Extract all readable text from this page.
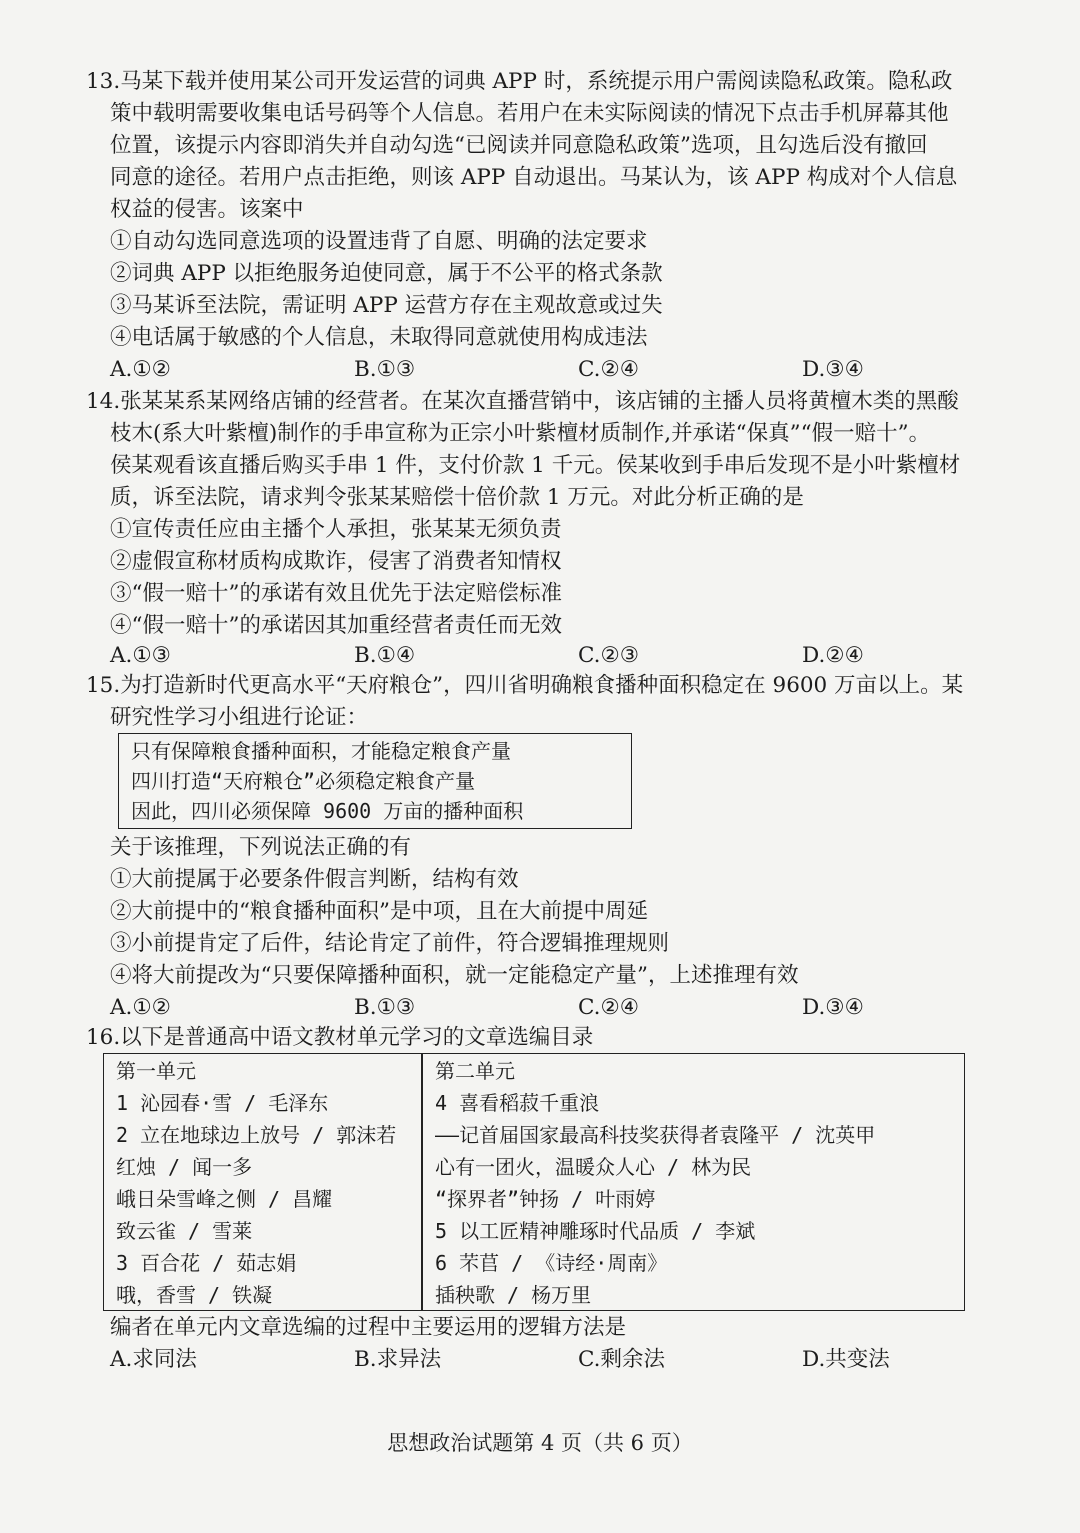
13.马某下载并使用某公司开发运营的词典 APP 时，系统提示用户需阅读隐私政策。隐私政
策中载明需要收集电话号码等个人信息。若用户在未实际阅读的情况下点击手机屏幕其他
位置，该提示内容即消失并自动勾选“已阅读并同意隐私政策”选项，且勾选后没有撤回
同意的途径。若用户点击拒绝，则该 APP 自动退出。马某认为，该 APP 构成对个人信息
权益的侵害。该案中
①自动勾选同意选项的设置违背了自愿、明确的法定要求
②词典 APP 以拒绝服务迫使同意，属于不公平的格式条款
③马某诉至法院，需证明 APP 运营方存在主观故意或过失
④电话属于敏感的个人信息，未取得同意就使用构成违法
A.①②	B.①③	C.②④	D.③④
14.张某某系某网络店铺的经营者。在某次直播营销中，该店铺的主播人员将黄檀木类的黑酸
枝木(系大叶紫檀)制作的手串宣称为正宗小叶紫檀材质制作,并承诺“保真”“假一赔十”。
侯某观看该直播后购买手串 1 件，支付价款 1 千元。侯某收到手串后发现不是小叶紫檀材
质，诉至法院，请求判令张某某赔偿十倍价款 1 万元。对此分析正确的是
①宣传责任应由主播个人承担，张某某无须负责
②虚假宣称材质构成欺诈，侵害了消费者知情权
③“假一赔十”的承诺有效且优先于法定赔偿标准
④“假一赔十”的承诺因其加重经营者责任而无效
A.①③	B.①④	C.②③	D.②④
15.为打造新时代更高水平“天府粮仓”，四川省明确粮食播种面积稳定在 9600 万亩以上。某
研究性学习小组进行论证：
只有保障粮食播种面积，才能稳定粮食产量
四川打造“天府粮仓”必须稳定粮食产量
因此，四川必须保障 9600 万亩的播种面积
关于该推理，下列说法正确的有
①大前提属于必要条件假言判断，结构有效
②大前提中的“粮食播种面积”是中项，且在大前提中周延
③小前提肯定了后件，结论肯定了前件，符合逻辑推理规则
④将大前提改为“只要保障播种面积，就一定能稳定产量”，上述推理有效
A.①②	B.①③	C.②④	D.③④
16.以下是普通高中语文教材单元学习的文章选编目录
第一单元
1 沁园春·雪 / 毛泽东
2 立在地球边上放号 / 郭沫若
红烛 / 闻一多
峨日朵雪峰之侧 / 昌耀
致云雀 / 雪莱
3 百合花 / 茹志娟
哦，香雪 / 铁凝
第二单元
4 喜看稻菽千重浪
——记首届国家最高科技奖获得者袁隆平 / 沈英甲
心有一团火，温暖众人心 / 林为民
“探界者”钟扬 / 叶雨婷
5 以工匠精神雕琢时代品质 / 李斌
6 芣苢 / 《诗经·周南》
插秧歌 / 杨万里
编者在单元内文章选编的过程中主要运用的逻辑方法是
A.求同法	B.求异法	C.剩余法	D.共变法
思想政治试题第 4 页（共 6 页）
